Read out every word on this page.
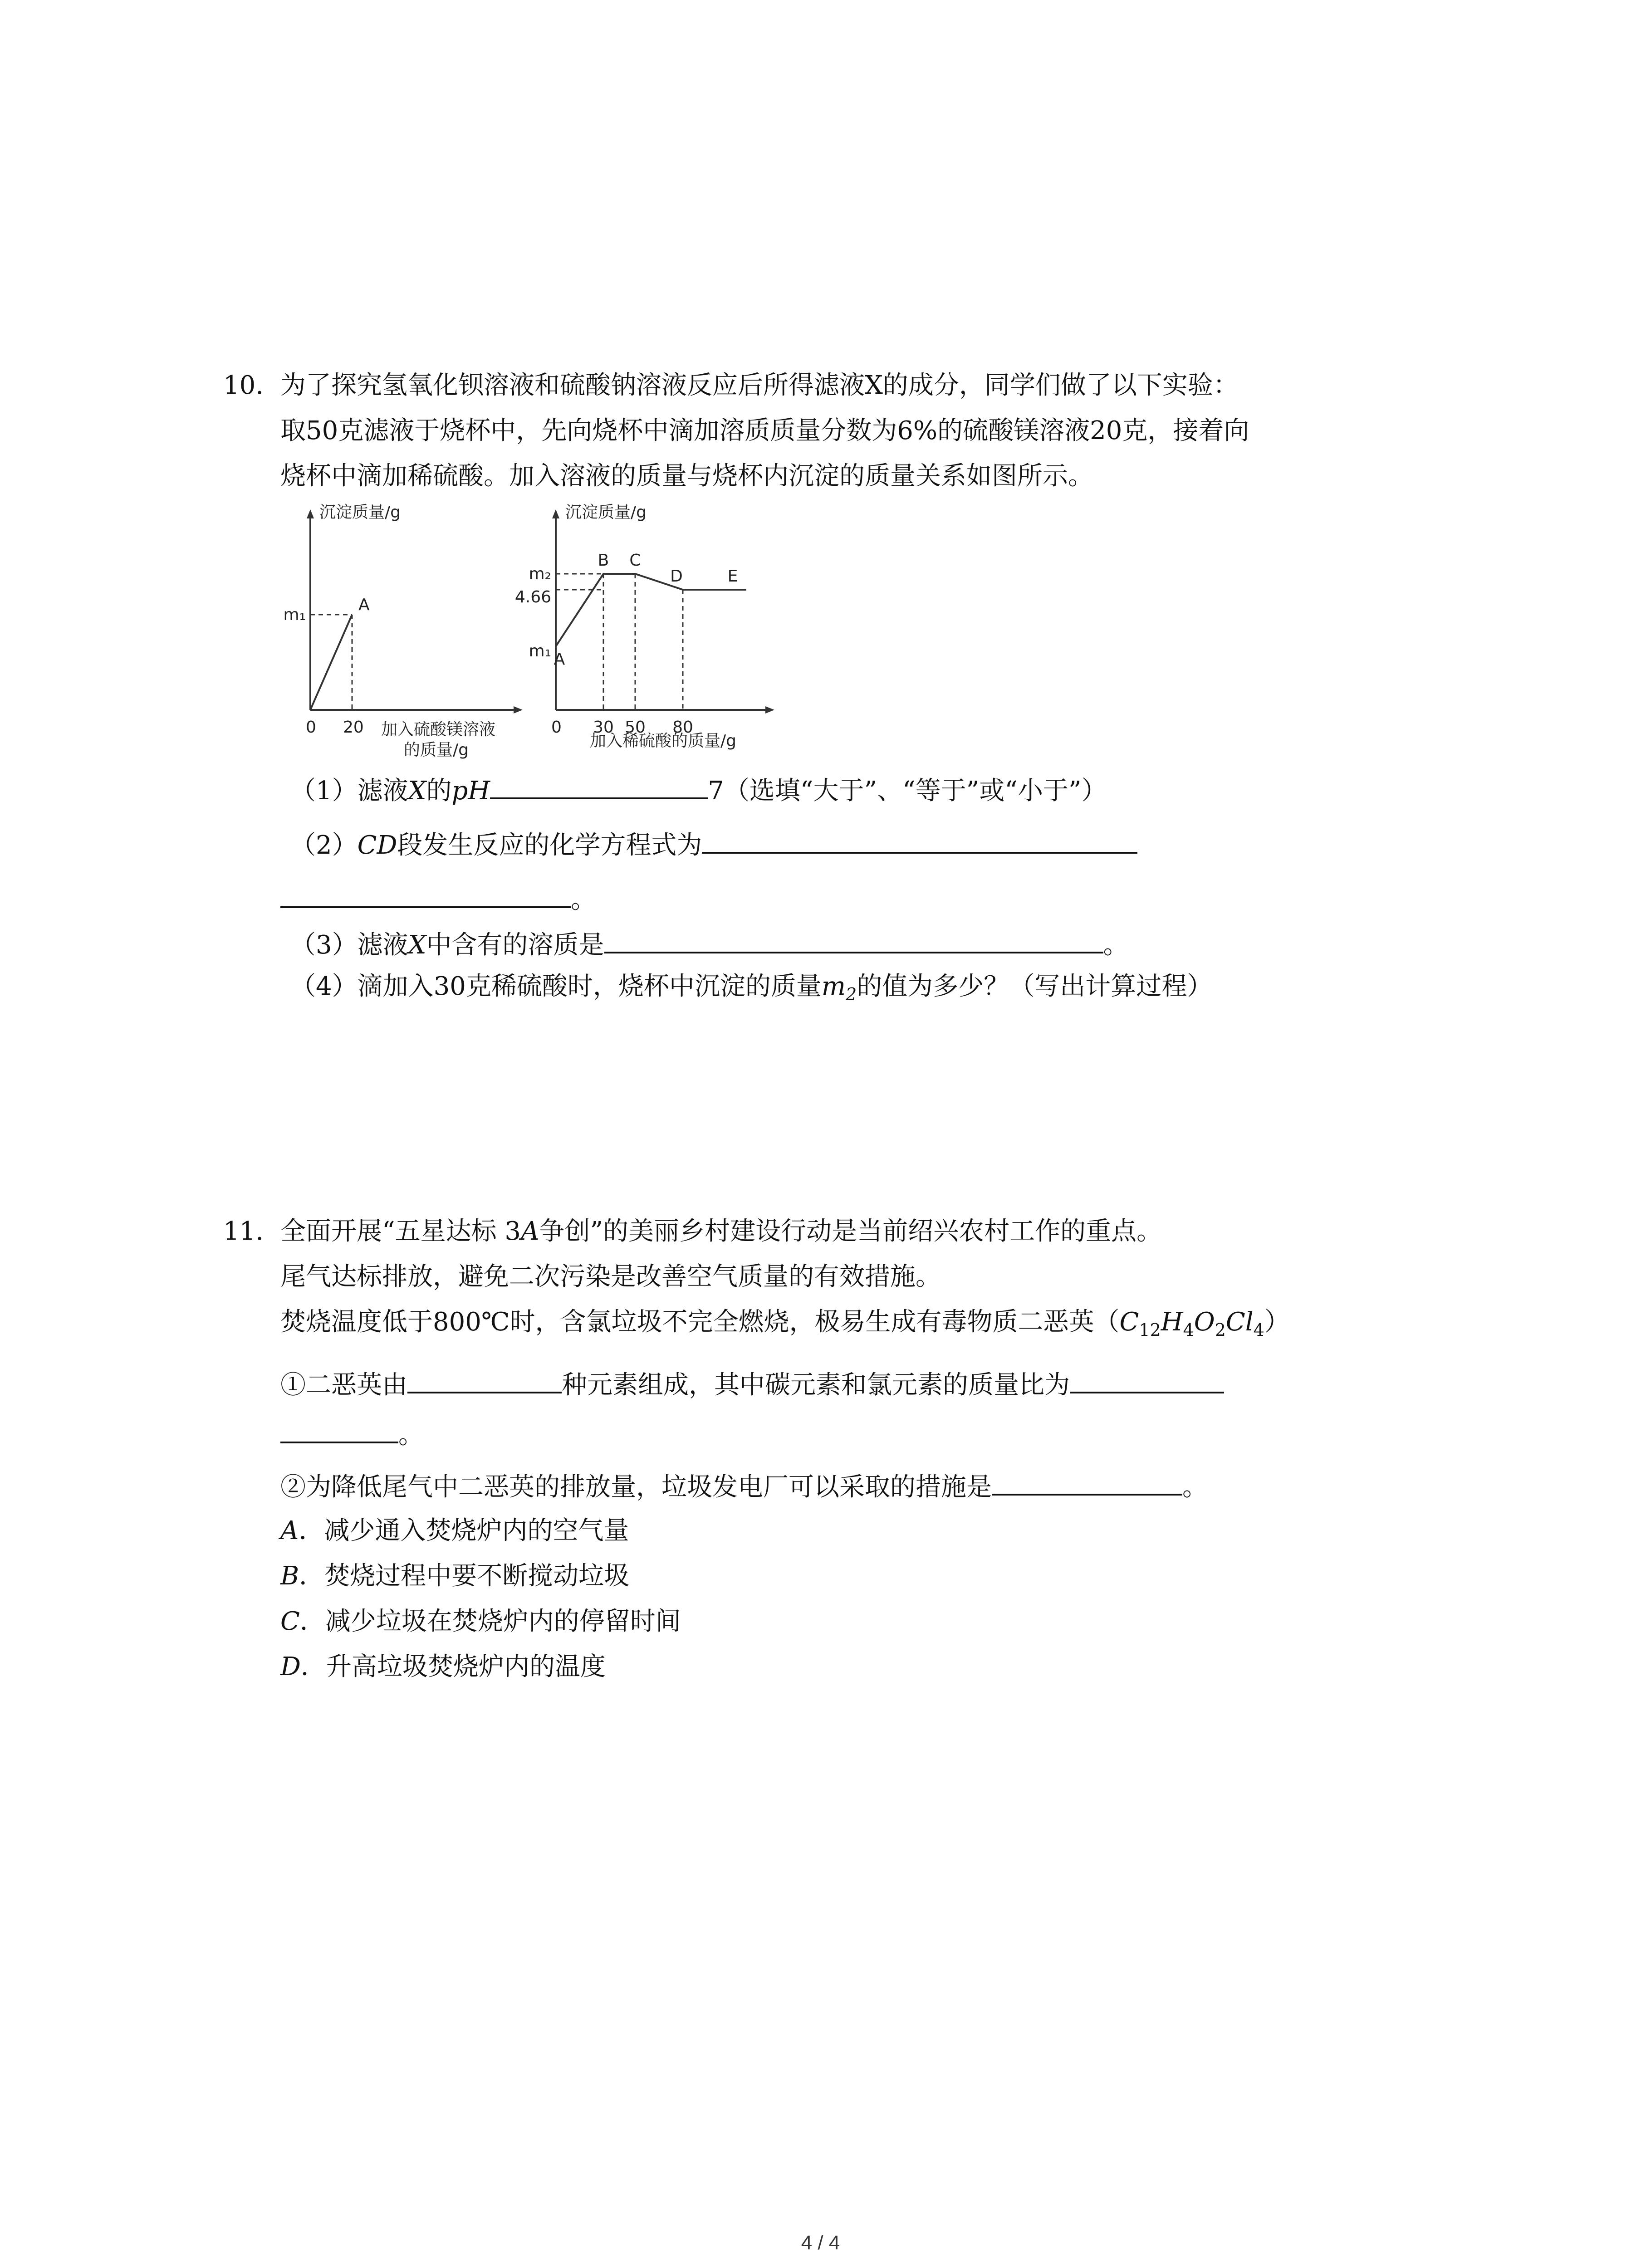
10. 为了探究氢氧化钡溶液和硫酸钠溶液反应后所得滤液X的成分，同学们做了以下实验：
取50克滤液于烧杯中，先向烧杯中滴加溶质质量分数为6%的硫酸镁溶液20克，接着向
烧杯中滴加稀硫酸。加入溶液的质量与烧杯内沉淀的质量关系如图所示。
沉淀质量/g
A
m₁
0 20 加入硫酸镁溶液
的质量/g
沉淀质量/g
A
B C
D	E
m₁
4.66
m₂
0 30 50 80
加入稀硫酸的质量/g
（1）滤液X的pH	7（选填“大于”、“等于”或“小于”）
（2）CD段发生反应的化学方程式为
。
（3）滤液X中含有的溶质是	。
（4）滴加入30克稀硫酸时，烧杯中沉淀的质量$m_2$的值为多少？（写出计算过程）
11. 全面开展“五星达标 3A争创”的美丽乡村建设行动是当前绍兴农村工作的重点。
尾气达标排放，避免二次污染是改善空气质量的有效措施。
焚烧温度低于800℃时，含氯垃圾不完全燃烧，极易生成有毒物质二恶英$(C_{12}H_4O_2Cl_4)$
①二恶英由	种元素组成，其中碳元素和氯元素的质量比为
。
②为降低尾气中二恶英的排放量，垃圾发电厂可以采取的措施是	。
A．减少通入焚烧炉内的空气量
B．焚烧过程中要不断搅动垃圾
C．减少垃圾在焚烧炉内的停留时间
D．升高垃圾焚烧炉内的温度
4 / 4
